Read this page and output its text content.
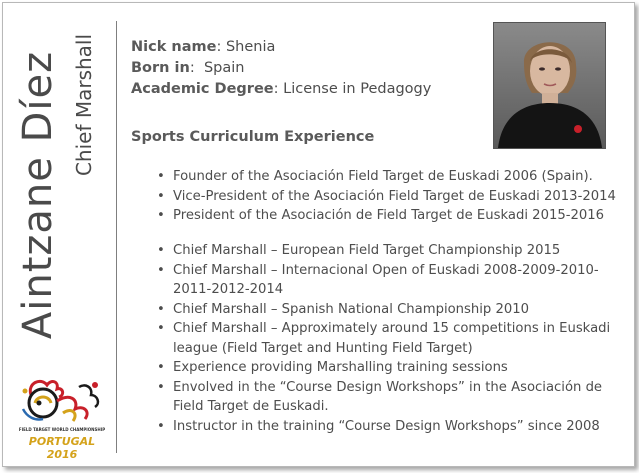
Aintzane Díez Chief Marshall
FIELD TARGET WORLD CHAMPIONSHIP
PORTUGAL 2016
Nick name: Shenia
Born in:  Spain
Academic Degree: License in Pedagogy
Sports Curriculum Experience
• Founder of the Asociación Field Target de Euskadi 2006 (Spain).
• Vice-President of the Asociación Field Target de Euskadi 2013-2014
• President of the Asociación de Field Target de Euskadi 2015-2016
• Chief Marshall – European Field Target Championship 2015
• Chief Marshall – Internacional Open of Euskadi 2008-2009-2010-2011-2012-2014
• Chief Marshall – Spanish National Championship 2010
• Chief Marshall – Approximately around 15 competitions in Euskadi league (Field Target and Hunting Field Target)
• Experience providing Marshalling training sessions
• Envolved in the “Course Design Workshops” in the Asociación de Field Target de Euskadi.
• Instructor in the training “Course Design Workshops” since 2008
